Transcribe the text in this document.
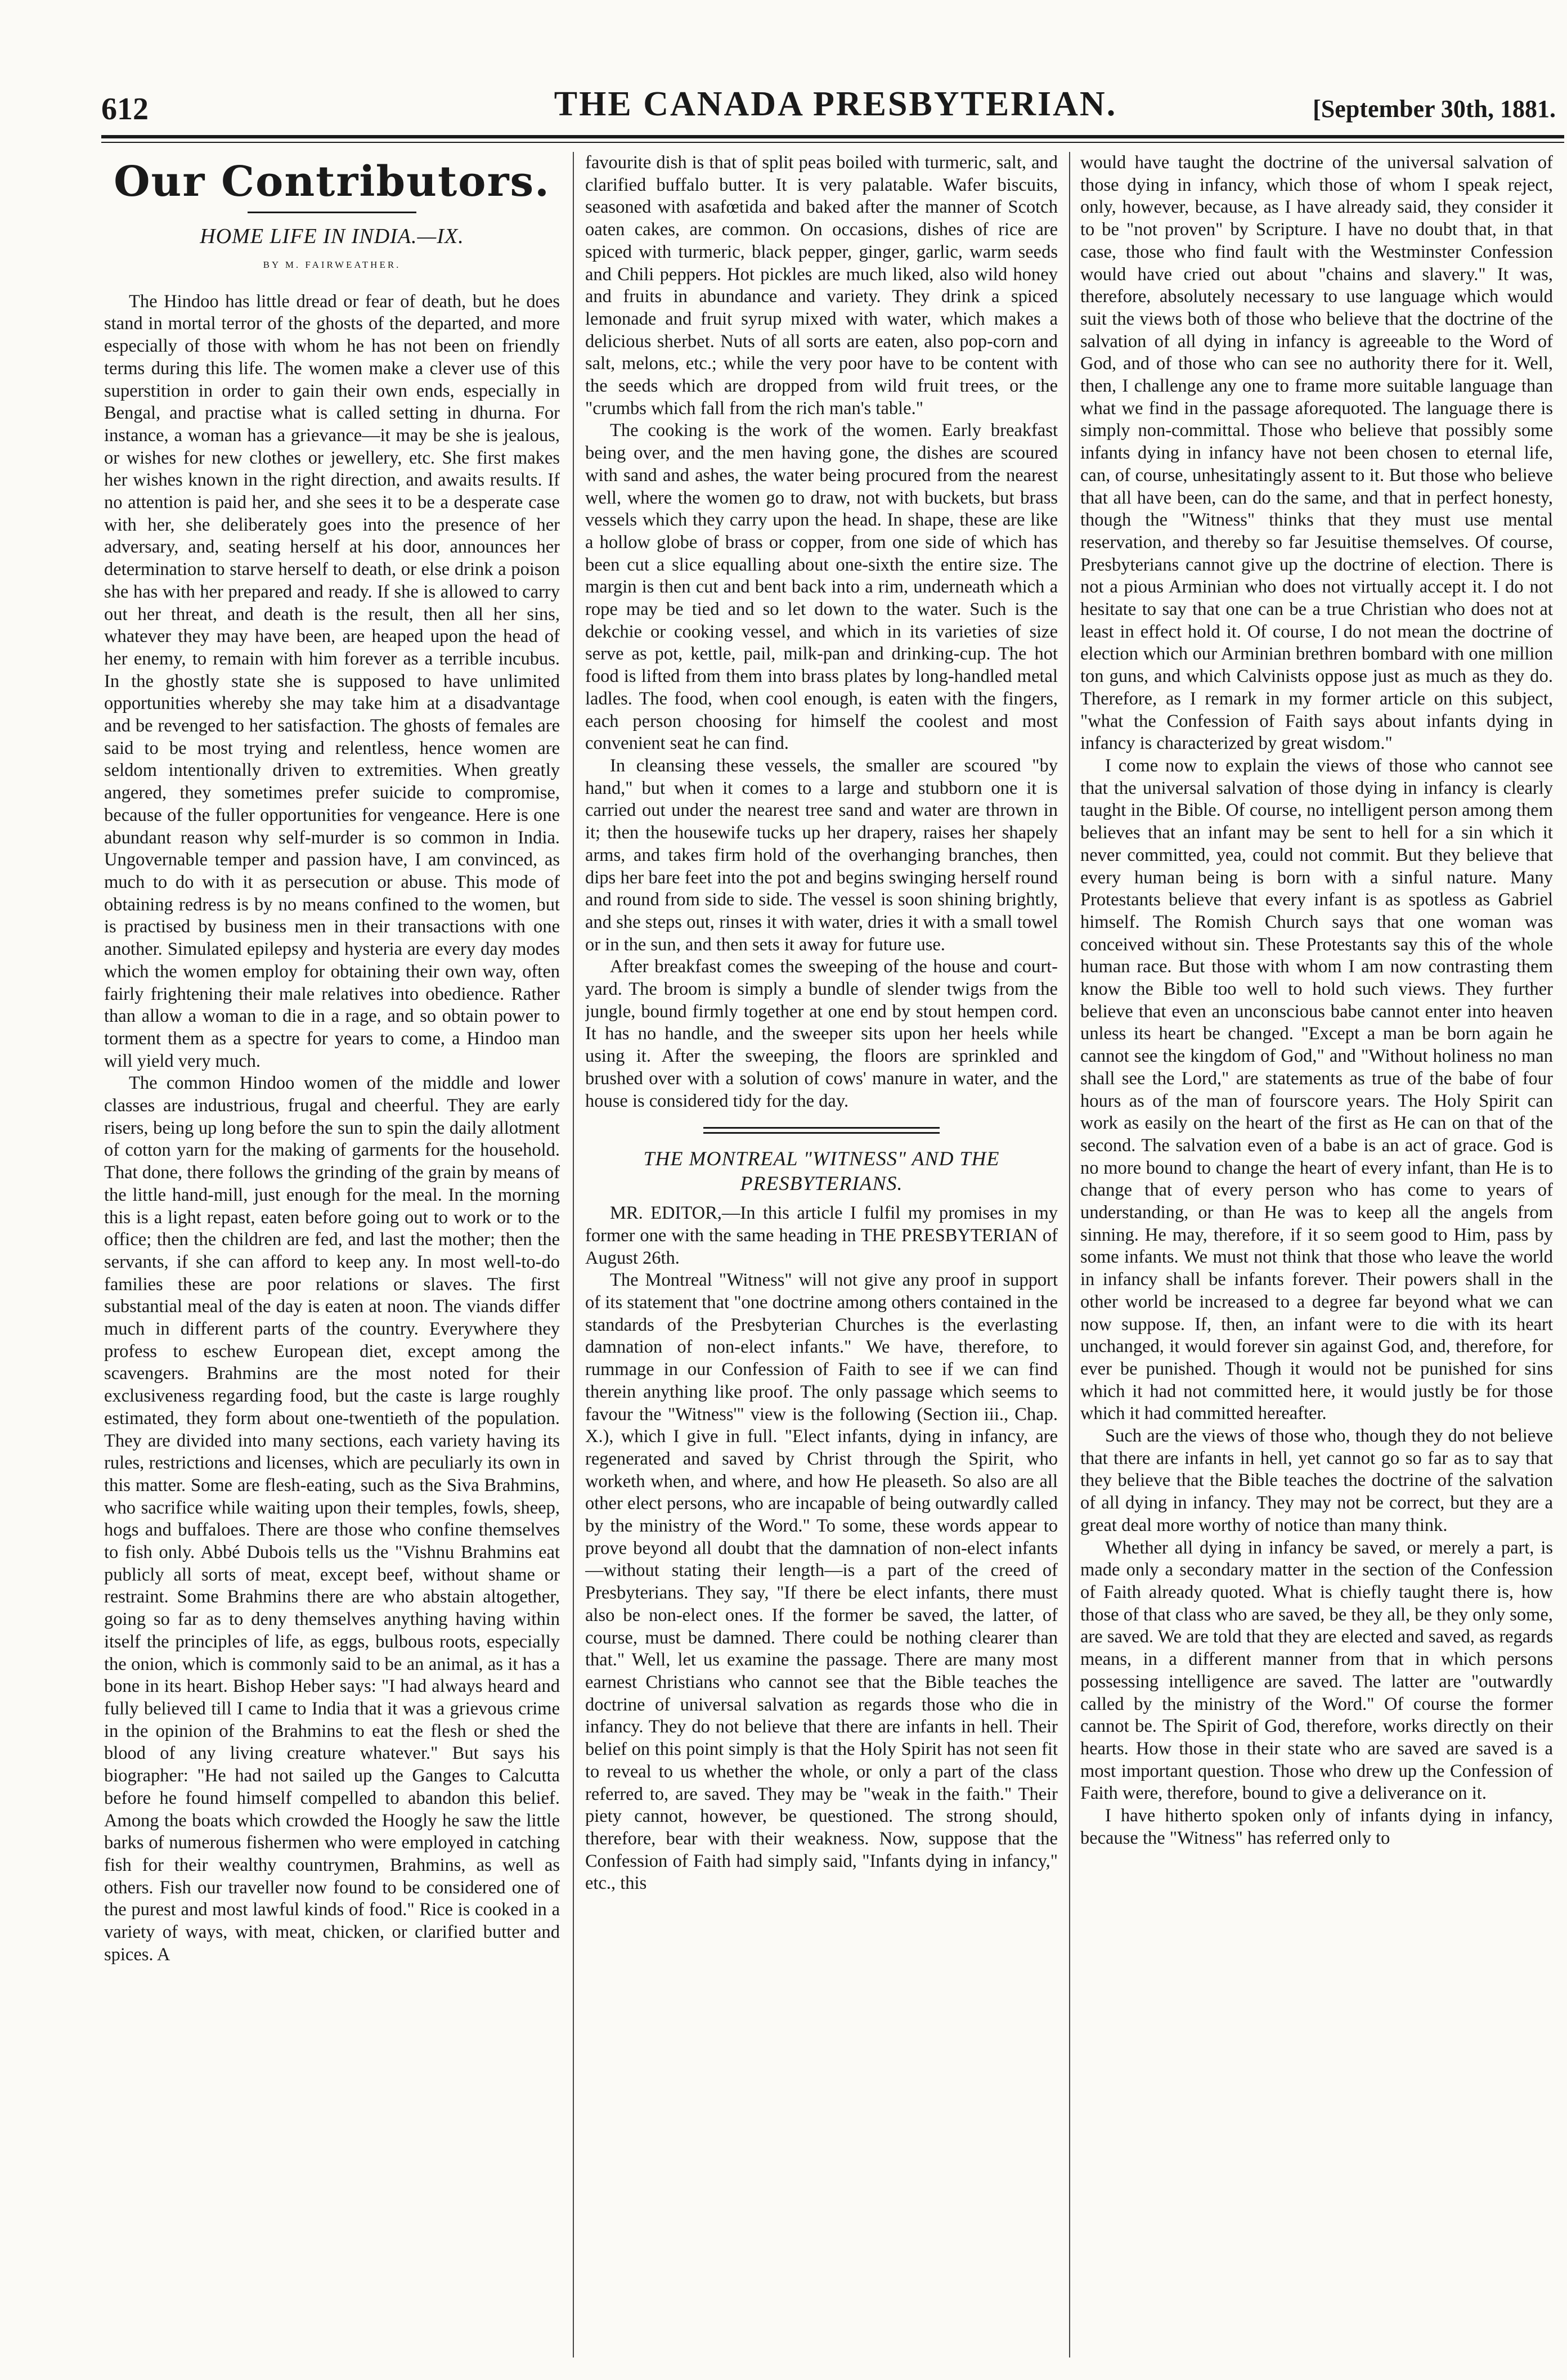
612	THE CANADA PRESBYTERIAN.	[September 30th, 1881.
Our Contributors.
HOME LIFE IN INDIA.—IX.
BY M. FAIRWEATHER.

The Hindoo has little dread or fear of death, but he does stand in mortal terror of the ghosts of the departed, and more especially of those with whom he has not been on friendly terms during this life. The women make a clever use of this superstition in order to gain their own ends, especially in Bengal, and practise what is called setting in dhurna. For instance, a woman has a grievance—it may be she is jealous, or wishes for new clothes or jewellery, etc. She first makes her wishes known in the right direction, and awaits results. If no attention is paid her, and she sees it to be a desperate case with her, she deliberately goes into the presence of her adversary, and, seating herself at his door, announces her determination to starve herself to death, or else drink a poison she has with her prepared and ready. If she is allowed to carry out her threat, and death is the result, then all her sins, whatever they may have been, are heaped upon the head of her enemy, to remain with him forever as a terrible incubus. In the ghostly state she is supposed to have unlimited opportunities whereby she may take him at a disadvantage and be revenged to her satisfaction. The ghosts of females are said to be most trying and relentless, hence women are seldom intentionally driven to extremities. When greatly angered, they sometimes prefer suicide to compromise, because of the fuller opportunities for vengeance. Here is one abundant reason why self-murder is so common in India. Ungovernable temper and passion have, I am convinced, as much to do with it as persecution or abuse. This mode of obtaining redress is by no means confined to the women, but is practised by business men in their transactions with one another. Simulated epilepsy and hysteria are every day modes which the women employ for obtaining their own way, often fairly frightening their male relatives into obedience. Rather than allow a woman to die in a rage, and so obtain power to torment them as a spectre for years to come, a Hindoo man will yield very much.

The common Hindoo women of the middle and lower classes are industrious, frugal and cheerful. They are early risers, being up long before the sun to spin the daily allotment of cotton yarn for the making of garments for the household. That done, there follows the grinding of the grain by means of the little hand-mill, just enough for the meal. In the morning this is a light repast, eaten before going out to work or to the office; then the children are fed, and last the mother; then the servants, if she can afford to keep any. In most well-to-do families these are poor relations or slaves. The first substantial meal of the day is eaten at noon. The viands differ much in different parts of the country. Everywhere they profess to eschew European diet, except among the scavengers. Brahmins are the most noted for their exclusiveness regarding food, but the caste is large roughly estimated, they form about one-twentieth of the population. They are divided into many sections, each variety having its rules, restrictions and licenses, which are peculiarly its own in this matter. Some are flesh-eating, such as the Siva Brahmins, who sacrifice while waiting upon their temples, fowls, sheep, hogs and buffaloes. There are those who confine themselves to fish only. Abbé Dubois tells us the "Vishnu Brahmins eat publicly all sorts of meat, except beef, without shame or restraint. Some Brahmins there are who abstain altogether, going so far as to deny themselves anything having within itself the principles of life, as eggs, bulbous roots, especially the onion, which is commonly said to be an animal, as it has a bone in its heart. Bishop Heber says: "I had always heard and fully believed till I came to India that it was a grievous crime in the opinion of the Brahmins to eat the flesh or shed the blood of any living creature whatever." But says his biographer: "He had not sailed up the Ganges to Calcutta before he found himself compelled to abandon this belief. Among the boats which crowded the Hoogly he saw the little barks of numerous fishermen who were employed in catching fish for their wealthy countrymen, Brahmins, as well as others. Fish our traveller now found to be considered one of the purest and most lawful kinds of food." Rice is cooked in a variety of ways, with meat, chicken, or clarified butter and spices. A

favourite dish is that of split peas boiled with turmeric, salt, and clarified buffalo butter. It is very palatable. Wafer biscuits, seasoned with asafœtida and baked after the manner of Scotch oaten cakes, are common. On occasions, dishes of rice are spiced with turmeric, black pepper, ginger, garlic, warm seeds and Chili peppers. Hot pickles are much liked, also wild honey and fruits in abundance and variety. They drink a spiced lemonade and fruit syrup mixed with water, which makes a delicious sherbet. Nuts of all sorts are eaten, also pop-corn and salt, melons, etc.; while the very poor have to be content with the seeds which are dropped from wild fruit trees, or the "crumbs which fall from the rich man's table."

The cooking is the work of the women. Early breakfast being over, and the men having gone, the dishes are scoured with sand and ashes, the water being procured from the nearest well, where the women go to draw, not with buckets, but brass vessels which they carry upon the head. In shape, these are like a hollow globe of brass or copper, from one side of which has been cut a slice equalling about one-sixth the entire size. The margin is then cut and bent back into a rim, underneath which a rope may be tied and so let down to the water. Such is the dekchie or cooking vessel, and which in its varieties of size serve as pot, kettle, pail, milk-pan and drinking-cup. The hot food is lifted from them into brass plates by long-handled metal ladles. The food, when cool enough, is eaten with the fingers, each person choosing for himself the coolest and most convenient seat he can find.

In cleansing these vessels, the smaller are scoured "by hand," but when it comes to a large and stubborn one it is carried out under the nearest tree sand and water are thrown in it; then the housewife tucks up her drapery, raises her shapely arms, and takes firm hold of the overhanging branches, then dips her bare feet into the pot and begins swinging herself round and round from side to side. The vessel is soon shining brightly, and she steps out, rinses it with water, dries it with a small towel or in the sun, and then sets it away for future use.

After breakfast comes the sweeping of the house and court-yard. The broom is simply a bundle of slender twigs from the jungle, bound firmly together at one end by stout hempen cord. It has no handle, and the sweeper sits upon her heels while using it. After the sweeping, the floors are sprinkled and brushed over with a solution of cows' manure in water, and the house is considered tidy for the day.

THE MONTREAL "WITNESS" AND THE PRESBYTERIANS.

MR. EDITOR,—In this article I fulfil my promises in my former one with the same heading in THE PRESBYTERIAN of August 26th.

The Montreal "Witness" will not give any proof in support of its statement that "one doctrine among others contained in the standards of the Presbyterian Churches is the everlasting damnation of non-elect infants." We have, therefore, to rummage in our Confession of Faith to see if we can find therein anything like proof. The only passage which seems to favour the "Witness'" view is the following (Section iii., Chap. X.), which I give in full. "Elect infants, dying in infancy, are regenerated and saved by Christ through the Spirit, who worketh when, and where, and how He pleaseth. So also are all other elect persons, who are incapable of being outwardly called by the ministry of the Word." To some, these words appear to prove beyond all doubt that the damnation of non-elect infants—without stating their length—is a part of the creed of Presbyterians. They say, "If there be elect infants, there must also be non-elect ones. If the former be saved, the latter, of course, must be damned. There could be nothing clearer than that." Well, let us examine the passage. There are many most earnest Christians who cannot see that the Bible teaches the doctrine of universal salvation as regards those who die in infancy. They do not believe that there are infants in hell. Their belief on this point simply is that the Holy Spirit has not seen fit to reveal to us whether the whole, or only a part of the class referred to, are saved. They may be "weak in the faith." Their piety cannot, however, be questioned. The strong should, therefore, bear with their weakness. Now, suppose that the Confession of Faith had simply said, "Infants dying in infancy," etc., this

would have taught the doctrine of the universal salvation of those dying in infancy, which those of whom I speak reject, only, however, because, as I have already said, they consider it to be "not proven" by Scripture. I have no doubt that, in that case, those who find fault with the Westminster Confession would have cried out about "chains and slavery." It was, therefore, absolutely necessary to use language which would suit the views both of those who believe that the doctrine of the salvation of all dying in infancy is agreeable to the Word of God, and of those who can see no authority there for it. Well, then, I challenge any one to frame more suitable language than what we find in the passage aforequoted. The language there is simply non-committal. Those who believe that possibly some infants dying in infancy have not been chosen to eternal life, can, of course, unhesitatingly assent to it. But those who believe that all have been, can do the same, and that in perfect honesty, though the "Witness" thinks that they must use mental reservation, and thereby so far Jesuitise themselves. Of course, Presbyterians cannot give up the doctrine of election. There is not a pious Arminian who does not virtually accept it. I do not hesitate to say that one can be a true Christian who does not at least in effect hold it. Of course, I do not mean the doctrine of election which our Arminian brethren bombard with one million ton guns, and which Calvinists oppose just as much as they do. Therefore, as I remark in my former article on this subject, "what the Confession of Faith says about infants dying in infancy is characterized by great wisdom."

I come now to explain the views of those who cannot see that the universal salvation of those dying in infancy is clearly taught in the Bible. Of course, no intelligent person among them believes that an infant may be sent to hell for a sin which it never committed, yea, could not commit. But they believe that every human being is born with a sinful nature. Many Protestants believe that every infant is as spotless as Gabriel himself. The Romish Church says that one woman was conceived without sin. These Protestants say this of the whole human race. But those with whom I am now contrasting them know the Bible too well to hold such views. They further believe that even an unconscious babe cannot enter into heaven unless its heart be changed. "Except a man be born again he cannot see the kingdom of God," and "Without holiness no man shall see the Lord," are statements as true of the babe of four hours as of the man of fourscore years. The Holy Spirit can work as easily on the heart of the first as He can on that of the second. The salvation even of a babe is an act of grace. God is no more bound to change the heart of every infant, than He is to change that of every person who has come to years of understanding, or than He was to keep all the angels from sinning. He may, therefore, if it so seem good to Him, pass by some infants. We must not think that those who leave the world in infancy shall be infants forever. Their powers shall in the other world be increased to a degree far beyond what we can now suppose. If, then, an infant were to die with its heart unchanged, it would forever sin against God, and, therefore, for ever be punished. Though it would not be punished for sins which it had not committed here, it would justly be for those which it had committed hereafter.

Such are the views of those who, though they do not believe that there are infants in hell, yet cannot go so far as to say that they believe that the Bible teaches the doctrine of the salvation of all dying in infancy. They may not be correct, but they are a great deal more worthy of notice than many think.

Whether all dying in infancy be saved, or merely a part, is made only a secondary matter in the section of the Confession of Faith already quoted. What is chiefly taught there is, how those of that class who are saved, be they all, be they only some, are saved. We are told that they are elected and saved, as regards means, in a different manner from that in which persons possessing intelligence are saved. The latter are "outwardly called by the ministry of the Word." Of course the former cannot be. The Spirit of God, therefore, works directly on their hearts. How those in their state who are saved are saved is a most important question. Those who drew up the Confession of Faith were, therefore, bound to give a deliverance on it.

I have hitherto spoken only of infants dying in infancy, because the "Witness" has referred only to
